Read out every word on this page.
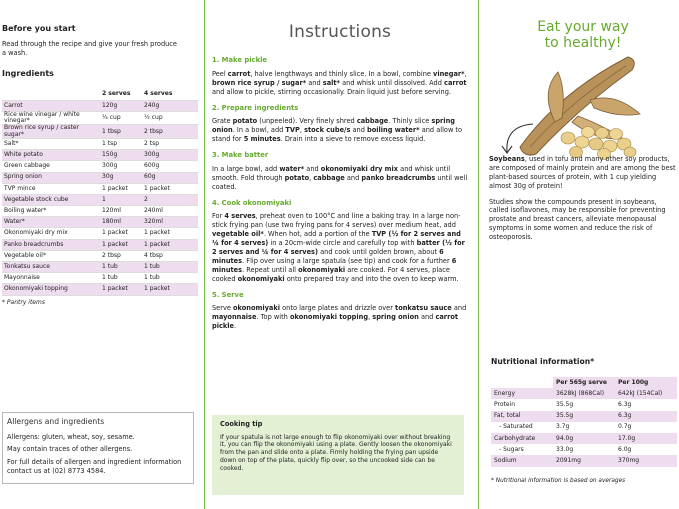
Before you start

Read through the recipe and give your fresh produce a wash.

Ingredients
	2 serves	4 serves
Carrot	120g	240g
Rice wine vinegar / white vinegar*	¼ cup	½ cup
Brown rice syrup / caster sugar*	1 tbsp	2 tbsp
Salt*	1 tsp	2 tsp
White potato	150g	300g
Green cabbage	300g	600g
Spring onion	30g	60g
TVP mince	1 packet	1 packet
Vegetable stock cube	1	2
Boiling water*	120ml	240ml
Water*	180ml	320ml
Okonomiyaki dry mix	1 packet	1 packet
Panko breadcrumbs	1 packet	1 packet
Vegetable oil*	2 tbsp	4 tbsp
Tonkatsu sauce	1 tub	1 tub
Mayonnaise	1 tub	1 tub
Okonomiyaki topping	1 packet	1 packet

* Pantry items

Allergens and ingredients

Allergens: gluten, wheat, soy, sesame.

May contain traces of other allergens.

For full details of allergen and ingredient information contact us at (02) 8773 4584.

Instructions
1. Make pickle
Peel carrot, halve lengthways and thinly slice. In a bowl, combine vinegar*, brown rice syrup / sugar* and salt* and whisk until dissolved. Add carrot and allow to pickle, stirring occasionally. Drain liquid just before serving.
2. Prepare ingredients
Grate potato (unpeeled). Very finely shred cabbage. Thinly slice spring onion. In a bowl, add TVP, stock cube/s and boiling water* and allow to stand for 5 minutes. Drain into a sieve to remove excess liquid.
3. Make batter
In a large bowl, add water* and okonomiyaki dry mix and whisk until smooth. Fold through potato, cabbage and panko breadcrumbs until well coated.
4. Cook okonomiyaki
For 4 serves, preheat oven to 100°C and line a baking tray. In a large non-stick frying pan (use two frying pans for 4 serves) over medium heat, add vegetable oil*. When hot, add a portion of the TVP (½ for 2 serves and ¼ for 4 serves) in a 20cm-wide circle and carefully top with batter (½ for 2 serves and ¼ for 4 serves) and cook until golden brown, about 6 minutes. Flip over using a large spatula (see tip) and cook for a further 6 minutes. Repeat until all okonomiyaki are cooked. For 4 serves, place cooked okonomiyaki onto prepared tray and into the oven to keep warm.
5. Serve
Serve okonomiyaki onto large plates and drizzle over tonkatsu sauce and mayonnaise. Top with okonomiyaki topping, spring onion and carrot pickle.
Cooking tip

If your spatula is not large enough to flip okonomiyaki over without breaking it, you can flip the okonomiyaki using a plate. Gently loosen the okonomiyaki from the pan and slide onto a plate. Firmly holding the frying pan upside down on top of the plate, quickly flip over, so the uncooked side can be cooked.

Eat your way
to healthy!

Soybeans, used in tofu and many other soy products, are composed of mainly protein and are among the best plant-based sources of protein, with 1 cup yielding almost 30g of protein!

Studies show the compounds present in soybeans, called isoflavones, may be responsible for preventing prostate and breast cancers, alleviate menopausal symptoms in some women and reduce the risk of osteoporosis.

Nutritional information*
	Per 565g serve	Per 100g
Energy	3628kJ (868Cal)	642kJ (154Cal)
Protein	35.5g	6.3g
Fat, total	35.5g	6.3g
- Saturated	3.7g	0.7g
Carbohydrate	94.0g	17.0g
- Sugars	33.0g	6.0g
Sodium	2091mg	370mg
* Nutritional information is based on averages
